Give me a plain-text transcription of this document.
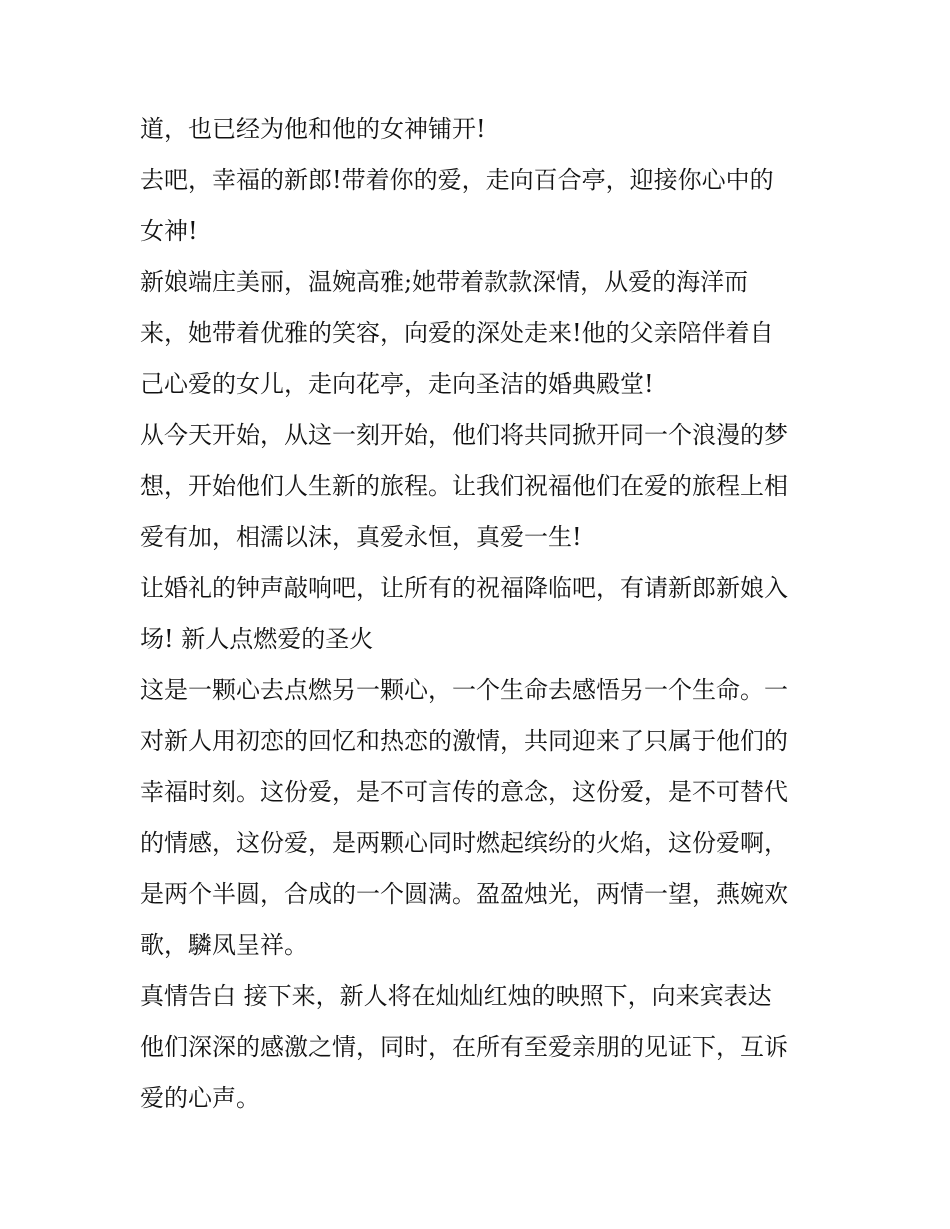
道，也已经为他和他的女神铺开!
去吧，幸福的新郎!带着你的爱，走向百合亭，迎接你心中的
女神!
新娘端庄美丽，温婉高雅;她带着款款深情，从爱的海洋而
来，她带着优雅的笑容，向爱的深处走来!他的父亲陪伴着自
己心爱的女儿，走向花亭，走向圣洁的婚典殿堂!
从今天开始，从这一刻开始，他们将共同掀开同一个浪漫的梦
想，开始他们人生新的旅程。让我们祝福他们在爱的旅程上相
爱有加，相濡以沫，真爱永恒，真爱一生!
让婚礼的钟声敲响吧，让所有的祝福降临吧，有请新郎新娘入
场! 新人点燃爱的圣火
这是一颗心去点燃另一颗心，一个生命去感悟另一个生命。一
对新人用初恋的回忆和热恋的激情，共同迎来了只属于他们的
幸福时刻。这份爱，是不可言传的意念，这份爱，是不可替代
的情感，这份爱，是两颗心同时燃起缤纷的火焰，这份爱啊，
是两个半圆，合成的一个圆满。盈盈烛光，两情一望，燕婉欢
歌，驎凤呈祥。
真情告白 接下来，新人将在灿灿红烛的映照下，向来宾表达
他们深深的感激之情，同时，在所有至爱亲朋的见证下，互诉
爱的心声。
